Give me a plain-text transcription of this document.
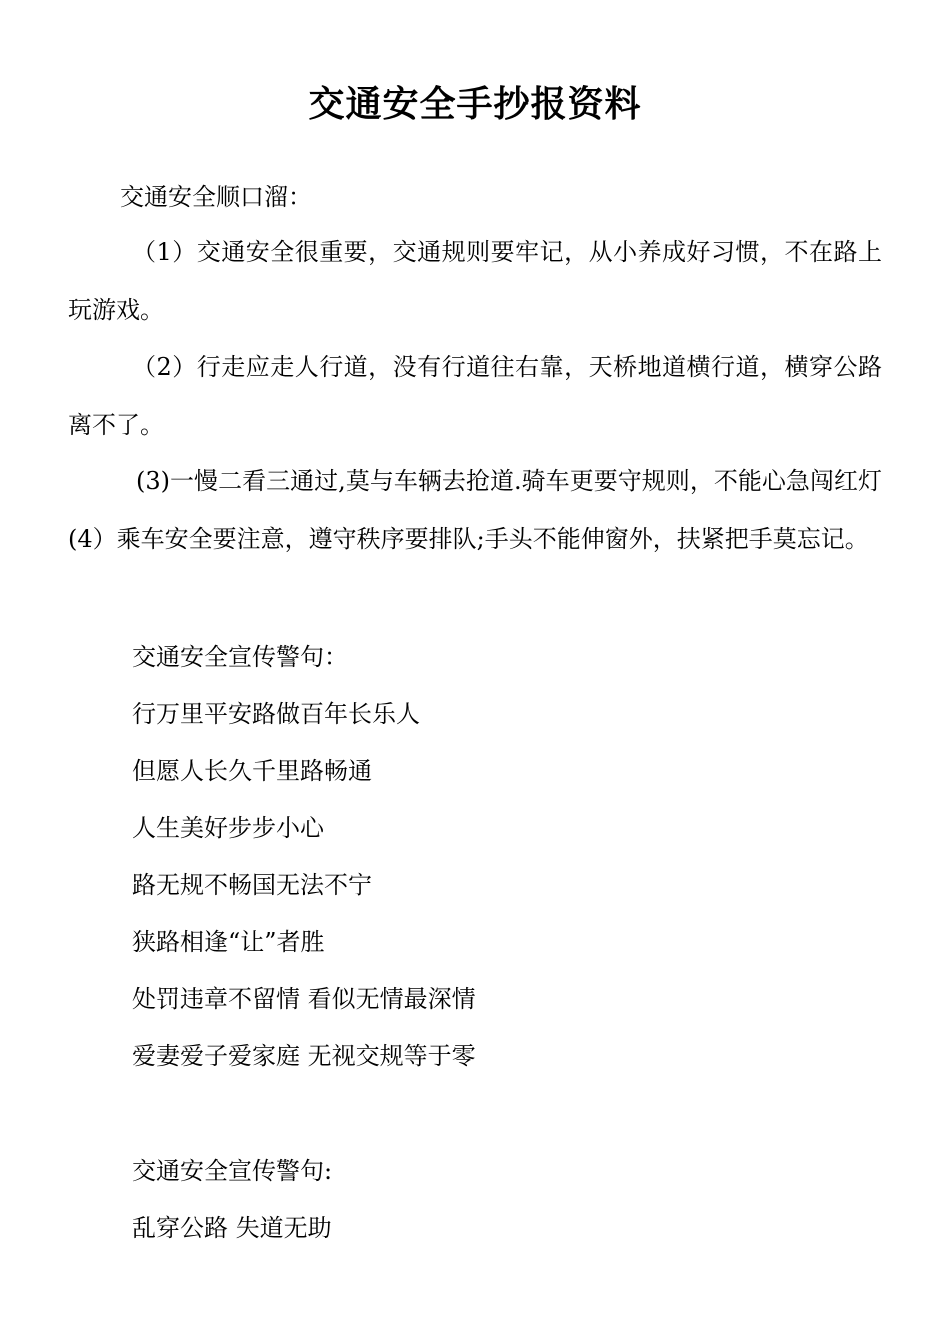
交通安全手抄报资料
交通安全顺口溜：
（1）交通安全很重要，交通规则要牢记，从小养成好习惯，不在路上玩游戏。
（2）行走应走人行道，没有行道往右靠，天桥地道横行道，横穿公路离不了。
(3)一慢二看三通过,莫与车辆去抢道.骑车更要守规则，不能心急闯红灯(4）乘车安全要注意，遵守秩序要排队;手头不能伸窗外，扶紧把手莫忘记。
交通安全宣传警句：
行万里平安路做百年长乐人
但愿人长久千里路畅通
人生美好步步小心
路无规不畅国无法不宁
狭路相逢“让”者胜
处罚违章不留情 看似无情最深情
爱妻爱子爱家庭 无视交规等于零
交通安全宣传警句:
乱穿公路 失道无助
